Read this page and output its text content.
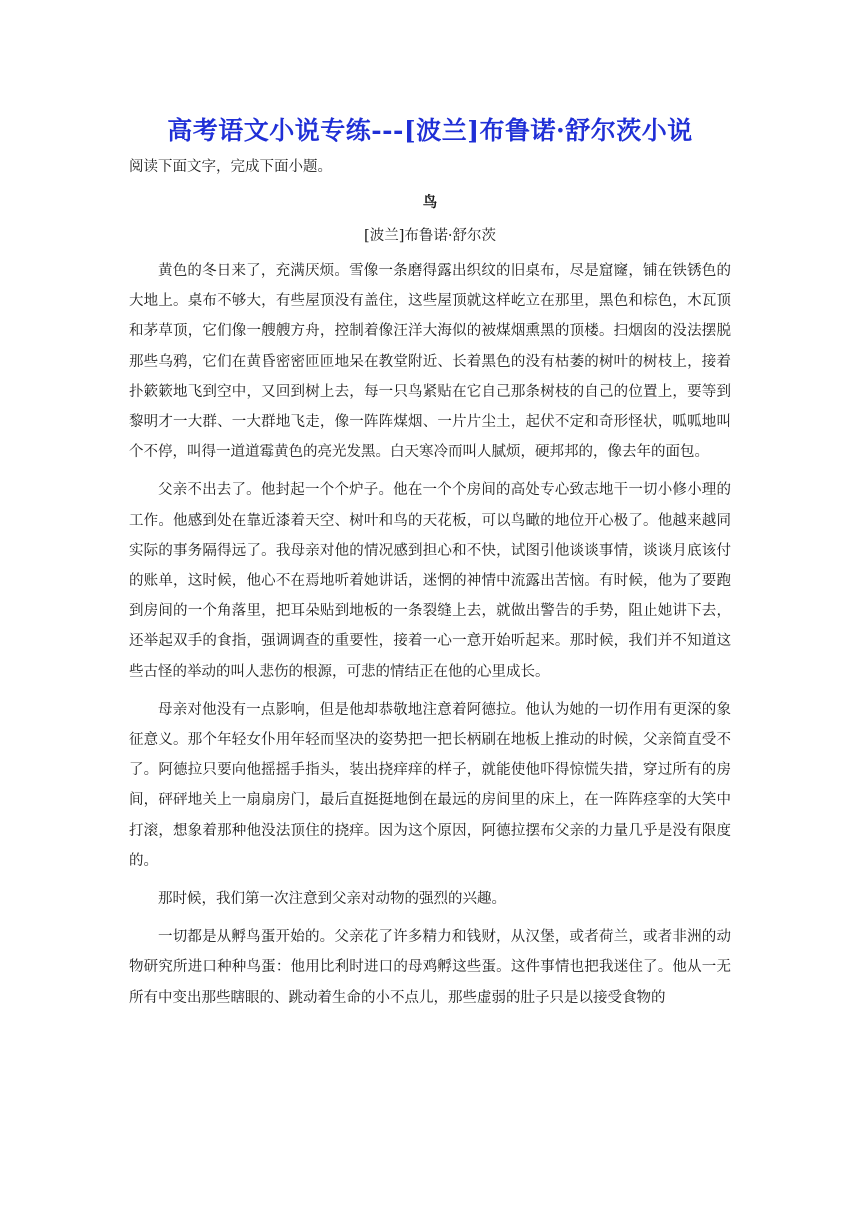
高考语文小说专练---[波兰]布鲁诺·舒尔茨小说
阅读下面文字，完成下面小题。
鸟
[波兰]布鲁诺·舒尔茨

黄色的冬日来了，充满厌烦。雪像一条磨得露出织纹的旧桌布，尽是窟窿，铺在铁锈色的大地上。桌布不够大，有些屋顶没有盖住，这些屋顶就这样屹立在那里，黑色和棕色，木瓦顶和茅草顶，它们像一艘艘方舟，控制着像汪洋大海似的被煤烟熏黑的顶楼。扫烟囱的没法摆脱那些乌鸦，它们在黄昏密密匝匝地呆在教堂附近、长着黑色的没有枯萎的树叶的树枝上，接着扑簌簌地飞到空中，又回到树上去，每一只鸟紧贴在它自己那条树枝的自己的位置上，要等到黎明才一大群、一大群地飞走，像一阵阵煤烟、一片片尘土，起伏不定和奇形怪状，呱呱地叫个不停，叫得一道道霉黄色的亮光发黑。白天寒冷而叫人腻烦，硬邦邦的，像去年的面包。

父亲不出去了。他封起一个个炉子。他在一个个房间的高处专心致志地干一切小修小理的工作。他感到处在靠近漆着天空、树叶和鸟的天花板，可以鸟瞰的地位开心极了。他越来越同实际的事务隔得远了。我母亲对他的情况感到担心和不快，试图引他谈谈事情，谈谈月底该付的账单，这时候，他心不在焉地听着她讲话，迷惘的神情中流露出苦恼。有时候，他为了要跑到房间的一个角落里，把耳朵贴到地板的一条裂缝上去，就做出警告的手势，阻止她讲下去，还举起双手的食指，强调调查的重要性，接着一心一意开始听起来。那时候，我们并不知道这些古怪的举动的叫人悲伤的根源，可悲的情结正在他的心里成长。

母亲对他没有一点影响，但是他却恭敬地注意着阿德拉。他认为她的一切作用有更深的象征意义。那个年轻女仆用年轻而坚决的姿势把一把长柄刷在地板上推动的时候，父亲简直受不了。阿德拉只要向他摇摇手指头，装出挠痒痒的样子，就能使他吓得惊慌失措，穿过所有的房间，砰砰地关上一扇扇房门，最后直挺挺地倒在最远的房间里的床上，在一阵阵痉挛的大笑中打滚，想象着那种他没法顶住的挠痒。因为这个原因，阿德拉摆布父亲的力量几乎是没有限度的。

那时候，我们第一次注意到父亲对动物的强烈的兴趣。

一切都是从孵鸟蛋开始的。父亲花了许多精力和钱财，从汉堡，或者荷兰，或者非洲的动物研究所进口种种鸟蛋：他用比利时进口的母鸡孵这些蛋。这件事情也把我迷住了。他从一无所有中变出那些瞎眼的、跳动着生命的小不点儿，那些虚弱的肚子只是以接受食物的
